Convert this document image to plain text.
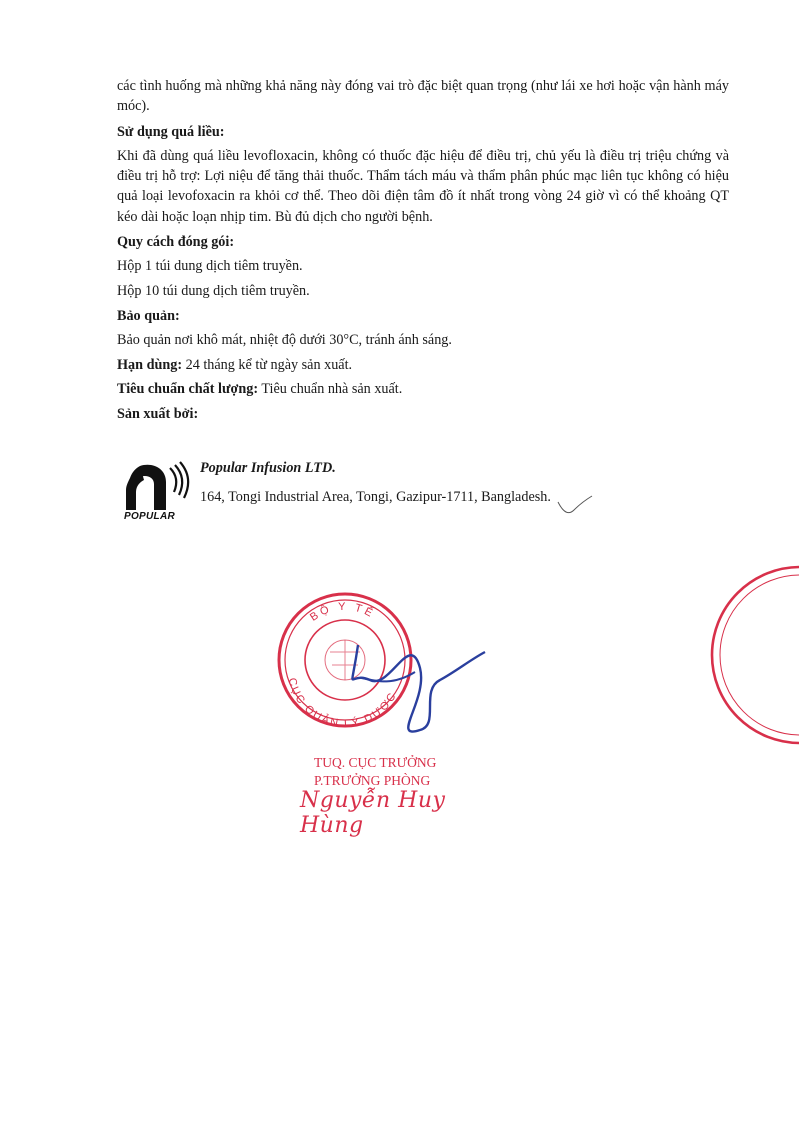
các tình huống mà những khả năng này đóng vai trò đặc biệt quan trọng (như lái xe hơi hoặc vận hành máy móc).

Sử dụng quá liều:

Khi đã dùng quá liều levofloxacin, không có thuốc đặc hiệu để điều trị, chủ yếu là điều trị triệu chứng và điều trị hỗ trợ: Lợi niệu để tăng thải thuốc. Thẩm tách máu và thẩm phân phúc mạc liên tục không có hiệu quả loại levofoxacin ra khỏi cơ thể. Theo dõi điện tâm đồ ít nhất trong vòng 24 giờ vì có thể khoảng QT kéo dài hoặc loạn nhịp tim. Bù đủ dịch cho người bệnh.

Quy cách đóng gói:

Hộp 1 túi dung dịch tiêm truyền.

Hộp 10 túi dung dịch tiêm truyền.

Bảo quản:

Bảo quản nơi khô mát, nhiệt độ dưới 30°C, tránh ánh sáng.

Hạn dùng: 24 tháng kể từ ngày sản xuất.

Tiêu chuẩn chất lượng: Tiêu chuẩn nhà sản xuất.

Sản xuất bởi:

POPULAR
Popular Infusion LTD.
164, Tongi Industrial Area, Tongi, Gazipur-1711, Bangladesh.
BỘ Y TẾ
CỤC QUẢN LÝ DƯỢC
TUQ. CỤC TRƯỞNG
P.TRƯỞNG PHÒNG
Nguyễn Huy Hùng
